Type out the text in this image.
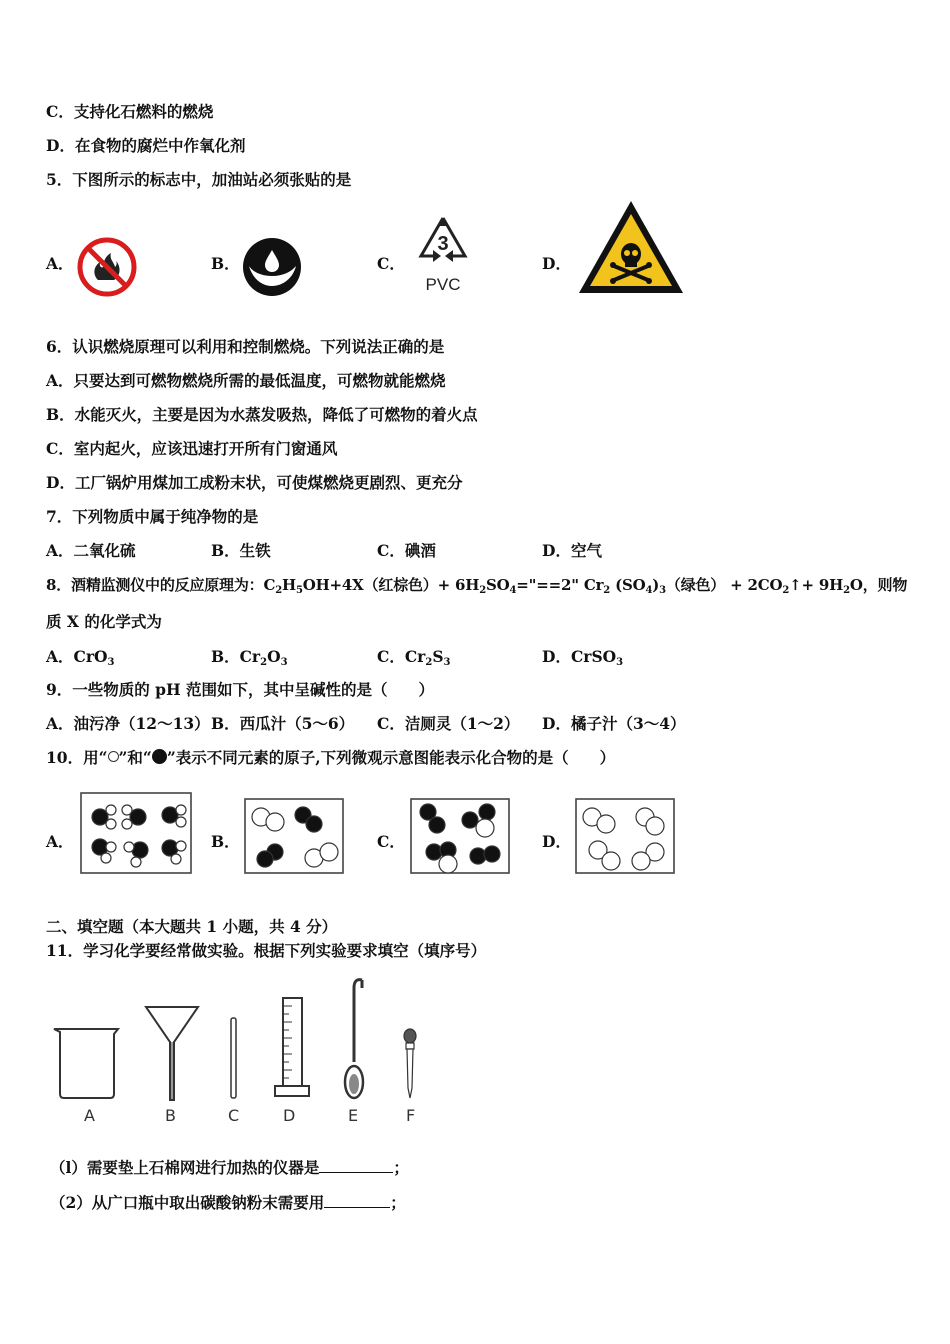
C．支持化石燃料的燃烧
D．在食物的腐烂中作氧化剂
5．下图所示的标志中，加油站必须张贴的是
A．	B．	C．	D．
3
PVC
6．认识燃烧原理可以利用和控制燃烧。下列说法正确的是
A．只要达到可燃物燃烧所需的最低温度，可燃物就能燃烧
B．水能灭火，主要是因为水蒸发吸热，降低了可燃物的着火点
C．室内起火，应该迅速打开所有门窗通风
D．工厂锅炉用煤加工成粉末状，可使煤燃烧更剧烈、更充分
7．下列物质中属于纯净物的是
A．二氧化硫	B．生铁	C．碘酒	D．空气
8．酒精监测仪中的反应原理为：$C_2H_5OH+4X$（红棕色）+ $6H_2SO_4="==2$" $Cr_2$ $(SO_4)_3$（绿色） + $2CO_2↑+ 9H_2O$，则物
质 X 的化学式为
A．CrO$_3$	B．$Cr_2O_3$	C．$Cr_2S_3$	D．CrSO$_3$
9．一些物质的 pH 范围如下，其中呈碱性的是（　　）
A．油污净（12～13） B．西瓜汁（5～6） C．洁厕灵（1～2） D．橘子汁（3～4）
10．用“ ”和“ ”表示不同元素的原子,下列微观示意图能表示化合物的是（　　）
A．	B．	C．	D．
二、填空题（本大题共 1 小题，共 4 分）
11．学习化学要经常做实验。根据下列实验要求填空（填序号）
A	B	C	D	E	F
（l）需要垫上石棉网进行加热的仪器是	；
（2）从广口瓶中取出碳酸钠粉末需要用	；
